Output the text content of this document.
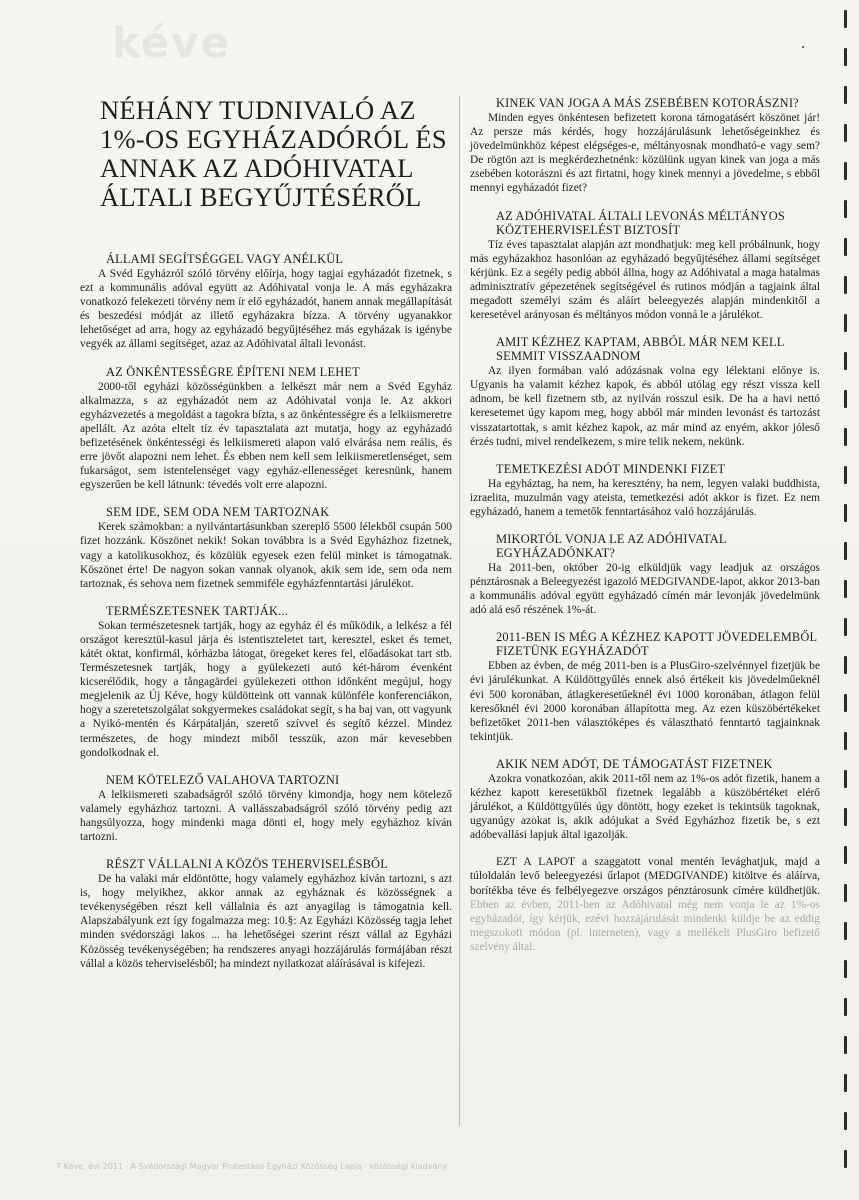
kéve
NÉHÁNY TUDNIVALÓ AZ 1%-OS EGYHÁZADÓRÓL ÉS ANNAK AZ ADÓHIVATAL ÁLTALI BEGYŰJTÉSÉRŐL
ÁLLAMI SEGÍTSÉGGEL VAGY ANÉLKÜL

A Svéd Egyházról szóló törvény előírja, hogy tagjai egyházadót fizetnek, s ezt a kommunális adóval együtt az Adóhivatal vonja le. A más egyházakra vonatkozó felekezeti törvény nem ír elő egyházadót, hanem annak megállapítását és beszedési módját az illető egyházakra bízza. A törvény ugyanakkor lehetőséget ad arra, hogy az egyházadó begyűjtéséhez más egyházak is igénybe vegyék az állami segítséget, azaz az Adóhivatal általi levonást.

AZ ÖNKÉNTESSÉGRE ÉPÍTENI NEM LEHET

2000-től egyházi közösségünkben a lelkészt már nem a Svéd Egyház alkalmazza, s az egyházadót nem az Adóhivatal vonja le. Az akkori egyházvezetés a megoldást a tagokra bízta, s az önkéntességre és a lelkiismeretre apellált. Az azóta eltelt tíz év tapasztalata azt mutatja, hogy az egyházadó befizetésének önkéntességi és lelkiismereti alapon való elvárása nem reális, és erre jövőt alapozni nem lehet. És ebben nem kell sem lelkiismeretlenséget, sem fukarságot, sem istentelenséget vagy egyház-ellenességet keresnünk, hanem egyszerűen be kell látnunk: tévedés volt erre alapozni.

SEM IDE, SEM ODA NEM TARTOZNAK

Kerek számokban: a nyilvántartásunkban szereplő 5500 lélekből csupán 500 fizet hozzánk. Köszönet nekik! Sokan továbbra is a Svéd Egyházhoz fizetnek, vagy a katolikusokhoz, és közülük egyesek ezen felül minket is támogatnak. Köszönet érte! De nagyon sokan vannak olyanok, akik sem ide, sem oda nem tartoznak, és sehova nem fizetnek semmiféle egyházfenntartási járulékot.

TERMÉSZETESNEK TARTJÁK...

Sokan természetesnek tartják, hogy az egyház él és működik, a lelkész a fél országot keresztül-kasul járja és istentiszteletet tart, keresztel, esket és temet, kátét oktat, konfirmál, kórházba látogat, öregeket keres fel, előadásokat tart stb. Természetesnek tartják, hogy a gyülekezeti autó két-három évenként kicserélődik, hogy a tångagärdei gyülekezeti otthon időnként megújul, hogy megjelenik az Új Kéve, hogy küldötteink ott vannak különféle konferenciákon, hogy a szeretetszolgálat sokgyermekes családokat segít, s ha baj van, ott vagyunk a Nyikó-mentén és Kárpátalján, szerető szívvel és segítő kézzel. Mindez természetes, de hogy mindezt miből tesszük, azon már kevesebben gondolkodnak el.

NEM KÖTELEZŐ VALAHOVA TARTOZNI

A lelkiismereti szabadságról szóló törvény kimondja, hogy nem kötelező valamely egyházhoz tartozni. A vallásszabadságról szóló törvény pedig azt hangsúlyozza, hogy mindenki maga dönti el, hogy mely egyházhoz kíván tartozni.

RÉSZT VÁLLALNI A KÖZÖS TEHERVISELÉSBŐL

De ha valaki már eldöntötte, hogy valamely egyházhoz kíván tartozni, s azt is, hogy melyikhez, akkor annak az egyháznak és közösségnek a tevékenységében részt kell vállalnia és azt anyagilag is támogatnia kell. Alapszabályunk ezt így fogalmazza meg: 10.§: Az Egyházi Közösség tagja lehet minden svédországi lakos ... ha lehetőségei szerint részt vállal az Egyházi Közösség tevékenységében; ha rendszeres anyagi hozzájárulás formájában részt vállal a közös teherviselésből; ha mindezt nyilatkozat aláírásával is kifejezi.

KINEK VAN JOGA A MÁS ZSEBÉBEN KOTORÁSZNI?

Minden egyes önkéntesen befizetett korona támogatásért köszönet jár! Az persze más kérdés, hogy hozzájárulásunk lehetőségeinkhez és jövedelmünkhöz képest elégséges-e, méltányosnak mondható-e vagy sem? De rögtön azt is megkérdezhetnénk: közülünk ugyan kinek van joga a más zsebében kotorászni és azt firtatni, hogy kinek mennyi a jövedelme, s ebből mennyi egyházadót fizet?

AZ ADÓHIVATAL ÁLTALI LEVONÁS MÉLTÁNYOS KÖZTEHERVISELÉST BIZTOSÍT

Tíz éves tapasztalat alapján azt mondhatjuk: meg kell próbálnunk, hogy más egyházakhoz hasonlóan az egyházadó begyűjtéséhez állami segítséget kérjünk. Ez a segély pedig abból állna, hogy az Adóhivatal a maga hatalmas adminisztratív gépezetének segítségével és rutinos módján a tagjaink által megadott személyi szám és aláírt beleegyezés alapján mindenkitől a keresetével arányosan és méltányos módon vonná le a járulékot.

AMIT KÉZHEZ KAPTAM, ABBÓL MÁR NEM KELL SEMMIT VISSZAADNOM

Az ilyen formában való adózásnak volna egy lélektani előnye is. Ugyanis ha valamit kézhez kapok, és abból utólag egy részt vissza kell adnom, be kell fizetnem stb, az nyilván rosszul esik. De ha a havi nettó keresetemet úgy kapom meg, hogy abból már minden levonást és tartozást visszatartottak, s amit kézhez kapok, az már mind az enyém, akkor jóleső érzés tudni, mivel rendelkezem, s mire telik nekem, nekünk.

TEMETKEZÉSI ADÓT MINDENKI FIZET

Ha egyháztag, ha nem, ha keresztény, ha nem, legyen valaki buddhista, izraelita, muzulmán vagy ateista, temetkezési adót akkor is fizet. Ez nem egyházadó, hanem a temetők fenntartásához való hozzájárulás.

MIKORTÓL VONJA LE AZ ADÓHIVATAL EGYHÁZADÓNKAT?

Ha 2011-ben, október 20-ig elküldjük vagy leadjuk az országos pénztárosnak a Beleegyezést igazoló MEDGIVANDE-lapot, akkor 2013-ban a kommunális adóval együtt egyházadó címén már levonják jövedelmünk adó alá eső részének 1%-át.

2011-BEN IS MÉG A KÉZHEZ KAPOTT JÖVEDELEMBŐL FIZETÜNK EGYHÁZADÓT

Ebben az évben, de még 2011-ben is a PlusGiro-szelvénnyel fizetjük be évi járulékunkat. A Küldöttgyűlés ennek alsó értékeit kis jövedelműeknél évi 500 koronában, átlagkeresetűeknél évi 1000 koronában, átlagon felül keresőknél évi 2000 koronában állapította meg. Az ezen küszöbértékeket befizetőket 2011-ben választóképes és választható fenntartó tagjainknak tekintjük.

AKIK NEM ADÓT, DE TÁMOGATÁST FIZETNEK

Azokra vonatkozóan, akik 2011-től nem az 1%-os adót fizetik, hanem a kézhez kapott keresetükből fizetnek legalább a küszöbértéket elérő járulékot, a Küldöttgyűlés úgy döntött, hogy ezeket is tekintsük tagoknak, ugyanúgy azokat is, akik adójukat a Svéd Egyházhoz fizetik be, s ezt adóbevallási lapjuk által igazolják.

EZT A LAPOT a szaggatott vonal mentén levághatjuk, majd a túloldalán levő beleegyezési űrlapot (MEDGIVANDE) kitöltve és aláírva, borítékba téve és felbélyegezve országos pénztárosunk címére küldhetjük. Ebben az évben, 2011-ben az Adóhivatal még nem vonja le az 1%-os egyházadót, így kérjük, ezévi hozzájárulását mindenki küldje be az eddig megszokott módon (pl. interneten), vagy a mellékelt PlusGiro befizető szelvény által.

7 Kéve, évi 2011 · A Svédországi Magyar Protestáns Egyházi Közösség Lapja · közösségi kiadvány
